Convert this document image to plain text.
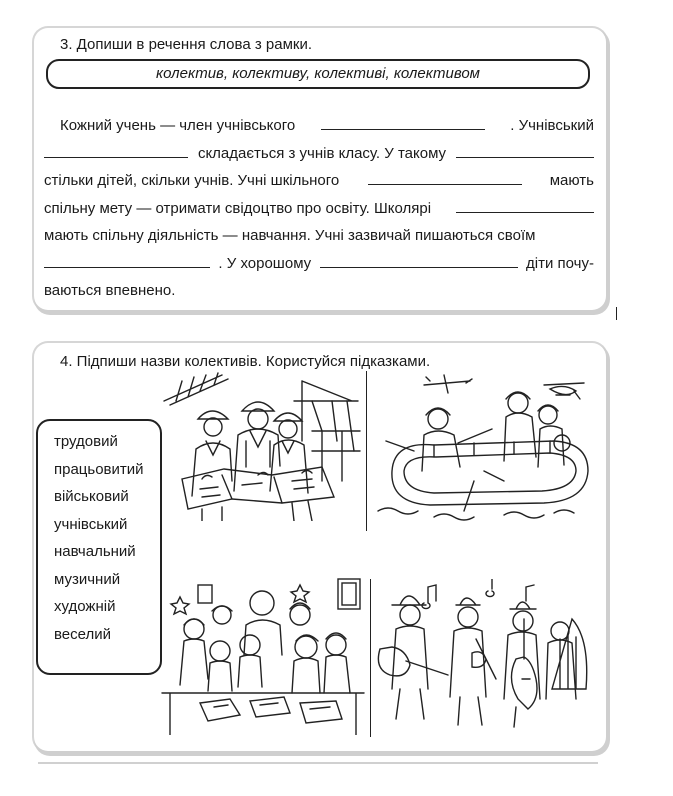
3. Допиши в речення слова з рамки.
колектив, колективу, колективі, колективом
Кожний учень — член учнівського	. Учнівський
складається з учнів класу. У такому
стільки дітей, скільки учнів. Учні шкільного	мають
спільну мету — отримати свідоцтво про освіту. Школярі
мають спільну діяльність — навчання. Учні зазвичай пишаються своїм
. У хорошому	діти почу-
ваються впевнено.
4. Підпиши назви колективів. Користуйся підказками.
трудовий
працьовитий
військовий
учнівський
навчальний
музичний
художній
веселий
